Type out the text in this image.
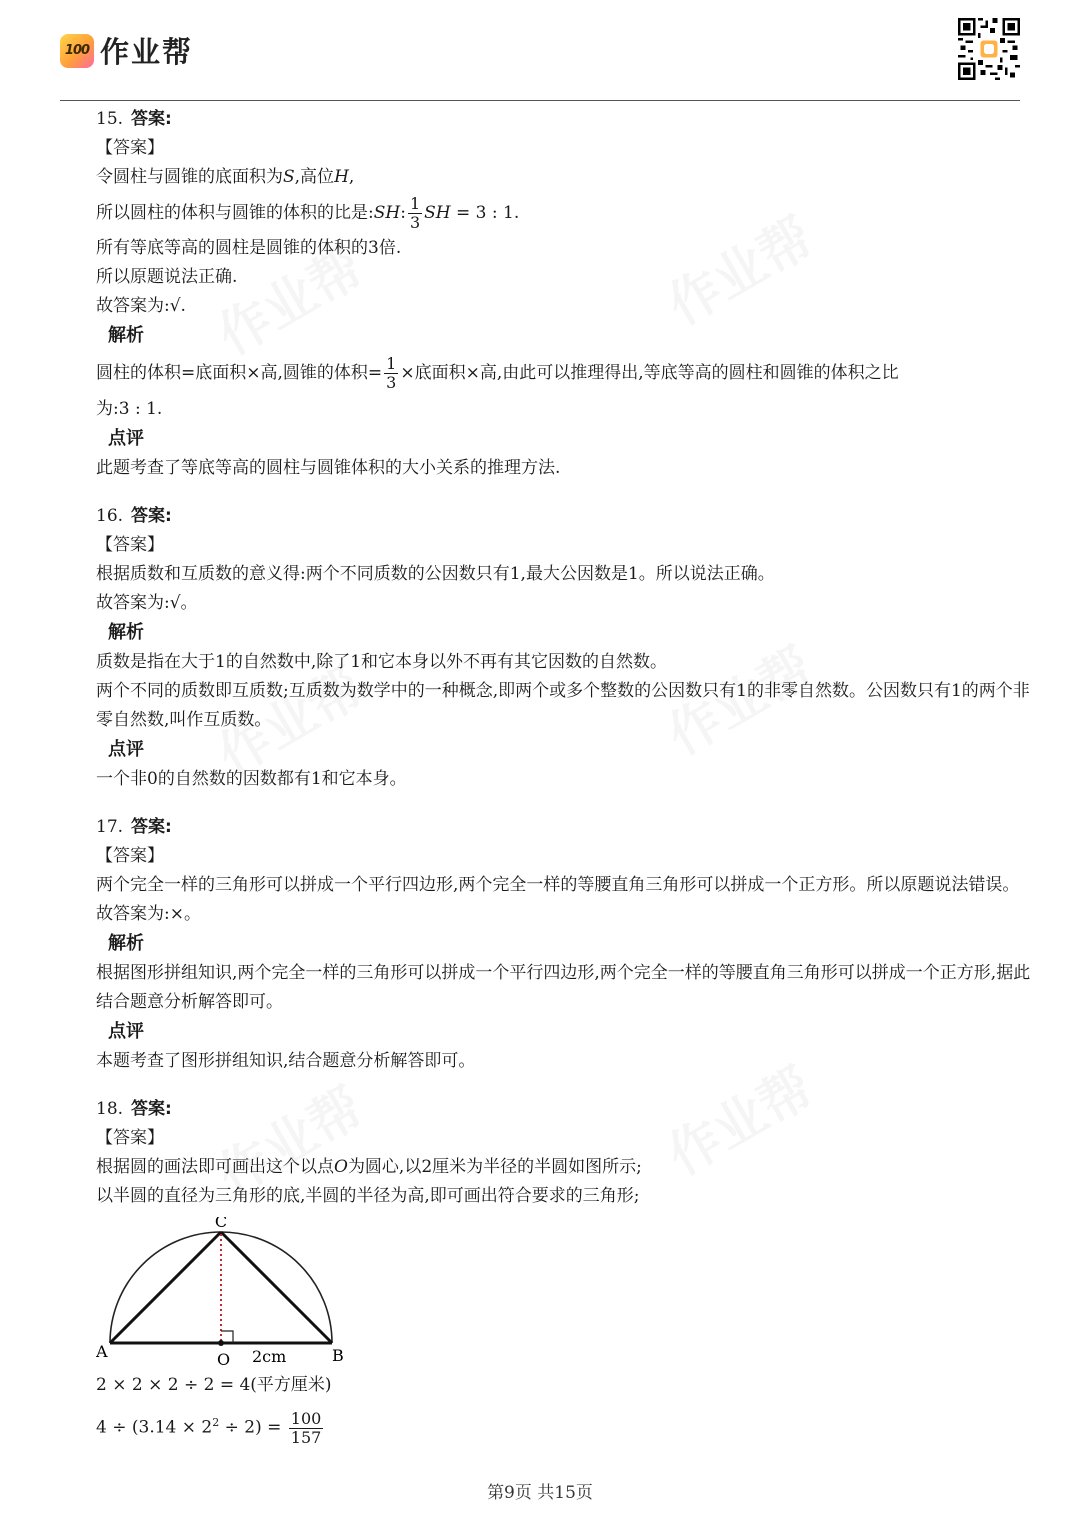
100 作业帮
15. 答案:
【答案】
令圆柱与圆锥的底面积为S,高位H,
所以圆柱的体积与圆锥的体积的比是:SH: $\frac{1}{3}$ SH = 3 : 1.
所有等底等高的圆柱是圆锥的体积的3倍.
所以原题说法正确.
故答案为:√.
解析
圆柱的体积=底面积×高,圆锥的体积= $\frac{1}{3}$ ×底面积×高,由此可以推理得出,等底等高的圆柱和圆锥的体积之比
为:3 : 1.
点评
此题考查了等底等高的圆柱与圆锥体积的大小关系的推理方法.
16. 答案:
【答案】
根据质数和互质数的意义得:两个不同质数的公因数只有1,最大公因数是1。所以说法正确。
故答案为:√。
解析
质数是指在大于1的自然数中,除了1和它本身以外不再有其它因数的自然数。
两个不同的质数即互质数;互质数为数学中的一种概念,即两个或多个整数的公因数只有1的非零自然数。公因数只有1的两个非零自然数,叫作互质数。
点评
一个非0的自然数的因数都有1和它本身。
17. 答案:
【答案】
两个完全一样的三角形可以拼成一个平行四边形,两个完全一样的等腰直角三角形可以拼成一个正方形。所以原题说法错误。
故答案为:×。
解析
根据图形拼组知识,两个完全一样的三角形可以拼成一个平行四边形,两个完全一样的等腰直角三角形可以拼成一个正方形,据此结合题意分析解答即可。
点评
本题考查了图形拼组知识,结合题意分析解答即可。
18. 答案:
【答案】
根据圆的画法即可画出这个以点O为圆心,以2厘米为半径的半圆如图所示;
以半圆的直径为三角形的底,半圆的半径为高,即可画出符合要求的三角形;
C
A	O	B
2cm
2 × 2 × 2 ÷ 2 = 4(平方厘米)
$4 \div (3.14 \times 2^2 \div 2) = \frac{100}{157}$
第9页 共15页
